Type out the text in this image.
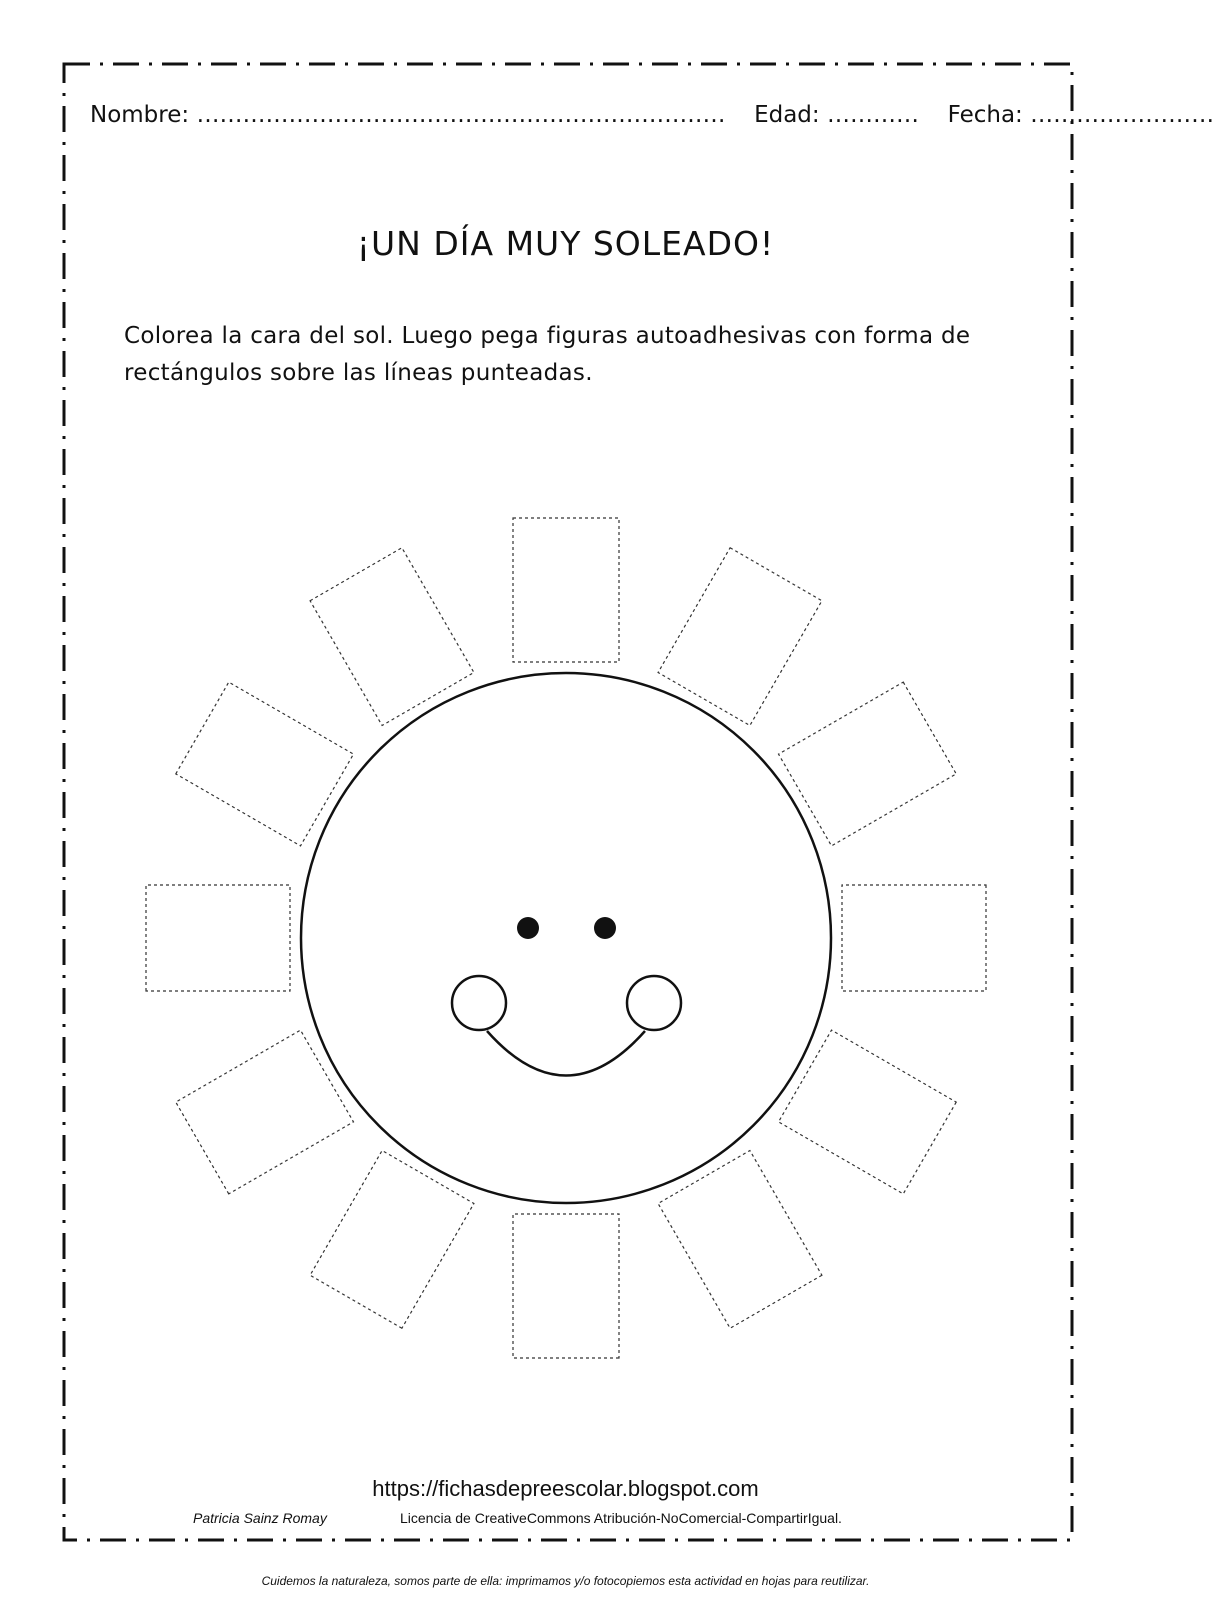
Nombre: …………………………………………………………… Edad: ………… Fecha: ……………………
¡UN DÍA MUY SOLEADO!
Colorea la cara del sol. Luego pega figuras autoadhesivas con forma de
rectángulos sobre las líneas punteadas.
https://fichasdepreescolar.blogspot.com
Patricia Sainz Romay	Licencia de CreativeCommons Atribución-NoComercial-CompartirIgual.
Cuidemos la naturaleza, somos parte de ella: imprimamos y/o fotocopiemos esta actividad en hojas para reutilizar.
